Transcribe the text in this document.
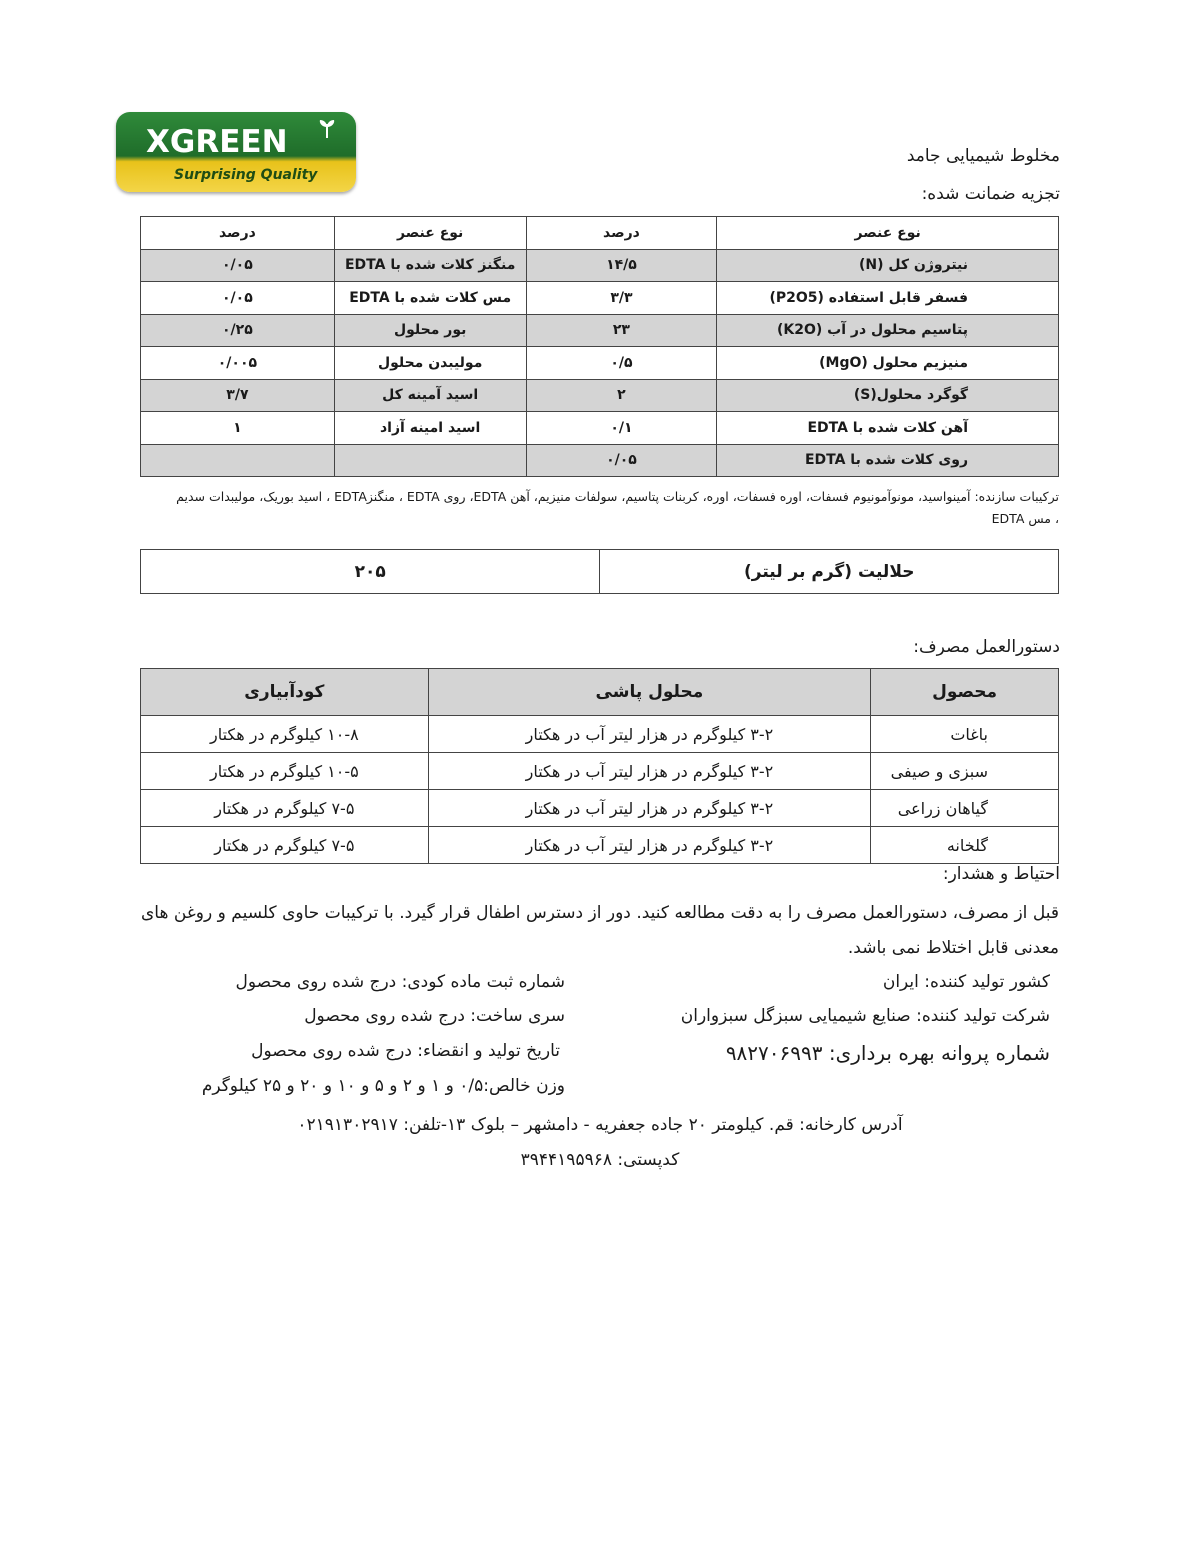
XGREEN
Surprising Quality
مخلوط شیمیایی جامد
تجزیه ضمانت شده:
نوع عنصر	درصد	نوع عنصر	درصد
نیتروژن کل (N)	۱۴/۵	منگنز کلات شده با EDTA	۰/۰۵
فسفر قابل استفاده (P2O5)	۳/۳	مس کلات شده با EDTA	۰/۰۵
پتاسیم محلول در آب (K2O)	۲۳	بور محلول	۰/۲۵
منیزیم محلول (MgO)	۰/۵	مولیبدن محلول	۰/۰۰۵
گوگرد محلول(S)	۲	اسید آمینه کل	۳/۷
آهن کلات شده با EDTA	۰/۱	اسید امینه آزاد	۱
روی کلات شده با EDTA	۰/۰۵		
ترکیبات سازنده: آمینواسید، مونوآمونیوم فسفات، اوره فسفات، اوره، کربنات پتاسیم، سولفات منیزیم، آهن EDTA، روی EDTA ، منگنزEDTA ، اسید بوریک، مولیبدات سدیم
، مس EDTA
حلالیت (گرم بر لیتر)	۲۰۵
دستورالعمل مصرف:
محصول	محلول پاشی	کودآبیاری
باغات	۳-۲ کیلوگرم در هزار لیتر آب در هکتار	۱۰-۸ کیلوگرم در هکتار
سبزی و صیفی	۳-۲ کیلوگرم در هزار لیتر آب در هکتار	۱۰-۵ کیلوگرم در هکتار
گیاهان زراعی	۳-۲ کیلوگرم در هزار لیتر آب در هکتار	۷-۵ کیلوگرم در هکتار
گلخانه	۳-۲ کیلوگرم در هزار لیتر آب در هکتار	۷-۵ کیلوگرم در هکتار
احتیاط و هشدار:
قبل از مصرف، دستورالعمل مصرف را به دقت مطالعه کنید. دور از دسترس اطفال قرار گیرد. با ترکیبات حاوی کلسیم و روغن های معدنی قابل اختلاط نمی باشد.
کشور تولید کننده: ایران
شرکت تولید کننده: صنایع شیمیایی سبزگل سبزواران
شماره پروانه بهره برداری: ۹۸۲۷۰۶۹۹۳
شماره ثبت ماده کودی: درج شده روی محصول
سری ساخت: درج شده روی محصول
تاریخ تولید و انقضاء: درج شده روی محصول
وزن خالص:۰/۵ و ۱ و ۲ و ۵ و ۱۰ و ۲۰ و ۲۵ کیلوگرم
آدرس کارخانه: قم. کیلومتر ۲۰ جاده جعفریه - دامشهر – بلوک ۱۳-تلفن: ۰۲۱۹۱۳۰۲۹۱۷
کدپستی: ۳۹۴۴۱۹۵۹۶۸
